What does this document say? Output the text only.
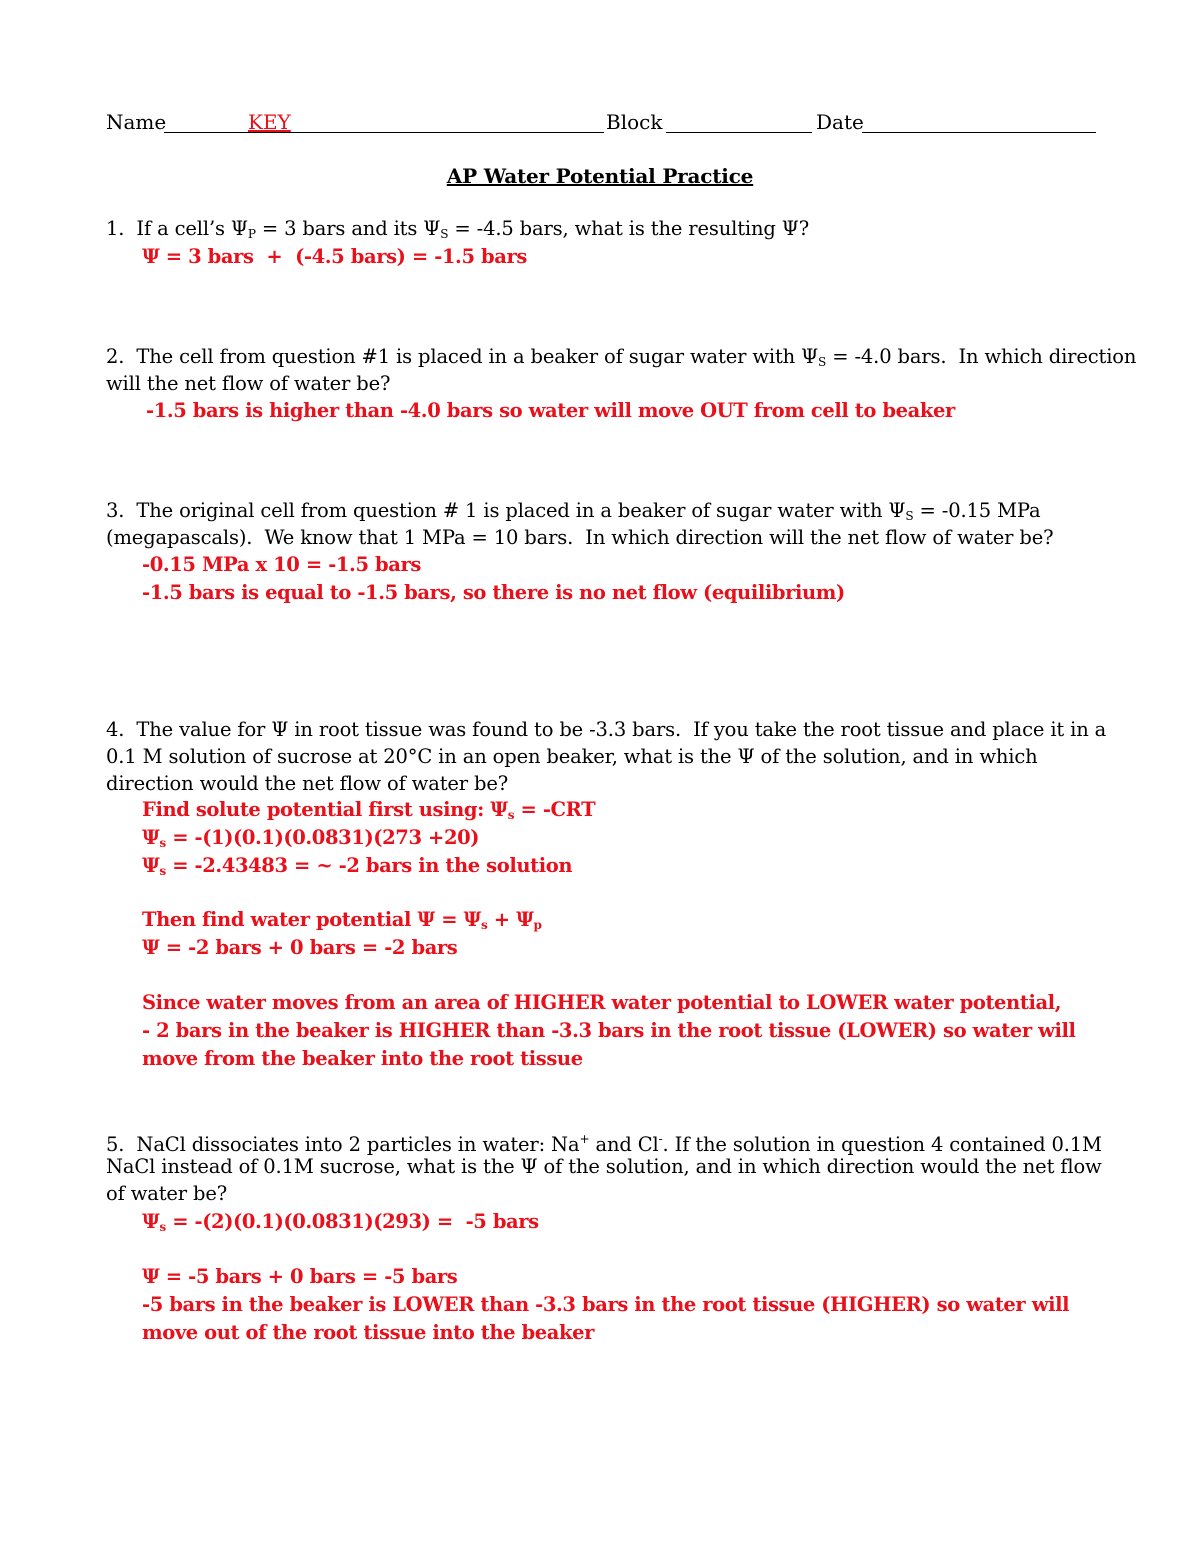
Name	KEY	Block	Date
AP Water Potential Practice
1. If a cell’s $\Psi_P = 3$ bars and its $\Psi_S = -4.5$ bars, what is the resulting Ψ?
Ψ = 3 bars  +  (-4.5 bars) = -1.5 bars
2. The cell from question #1 is placed in a beaker of sugar water with $\Psi_S = -4.0$ bars.  In which direction
will the net flow of water be?
-1.5 bars is higher than -4.0 bars so water will move OUT from cell to beaker
3. The original cell from question # 1 is placed in a beaker of sugar water with $\Psi_S = -0.15$ MPa
(megapascals).  We know that 1 MPa = 10 bars.  In which direction will the net flow of water be?
-0.15 MPa x 10 = -1.5 bars
-1.5 bars is equal to -1.5 bars, so there is no net flow (equilibrium)
4. The value for Ψ in root tissue was found to be -3.3 bars.  If you take the root tissue and place it in a
0.1 M solution of sucrose at 20°C in an open beaker, what is the Ψ of the solution, and in which
direction would the net flow of water be?
Find solute potential first using: $\Psi_s = -CRT$
$\Psi_s = -(1)(0.1)(0.0831)(273 +20)$
$\Psi_s = -2.43483$ = ~ -2 bars in the solution
Then find water potential $\Psi = \Psi_s + \Psi_p$
Ψ = -2 bars + 0 bars = -2 bars
Since water moves from an area of HIGHER water potential to LOWER water potential,
- 2 bars in the beaker is HIGHER than -3.3 bars in the root tissue (LOWER) so water will
move from the beaker into the root tissue
5. NaCl dissociates into 2 particles in water: Na+ and Cl-. If the solution in question 4 contained 0.1M
NaCl instead of 0.1M sucrose, what is the Ψ of the solution, and in which direction would the net flow
of water be?
$\Psi_s = -(2)(0.1)(0.0831)(293) = -5$ bars
Ψ = -5 bars + 0 bars = -5 bars
-5 bars in the beaker is LOWER than -3.3 bars in the root tissue (HIGHER) so water will
move out of the root tissue into the beaker
